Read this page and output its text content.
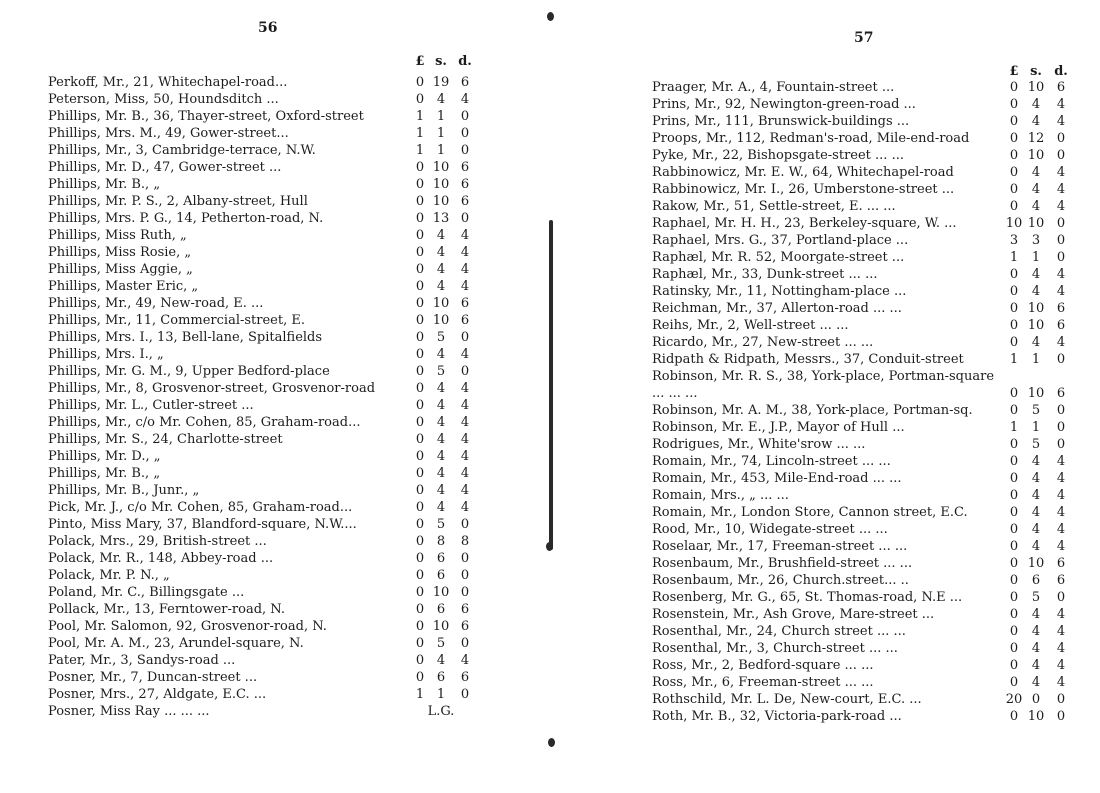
56
£ s. d.
Perkoff, Mr., 21, Whitechapel-road...	0 19 6
Peterson, Miss, 50, Houndsditch ...	0 4	4
Phillips, Mr. B., 36, Thayer-street, Oxford-street	1 1	0
Phillips, Mrs. M., 49, Gower-street...	1 1	0
Phillips, Mr., 3, Cambridge-terrace, N.W.	1 1	0
Phillips, Mr. D., 47, Gower-street ...	0 10 6
Phillips, Mr. B., „	0 10 6
Phillips, Mr. P. S., 2, Albany-street, Hull	0 10 6
Phillips, Mrs. P. G., 14, Petherton-road, N.	0 13 0
Phillips, Miss Ruth, „	0 4	4
Phillips, Miss Rosie, „	0 4	4
Phillips, Miss Aggie, „	0 4	4
Phillips, Master Eric, „	0 4	4
Phillips, Mr., 49, New-road, E. ...	0 10 6
Phillips, Mr., 11, Commercial-street, E.	0 10 6
Phillips, Mrs. I., 13, Bell-lane, Spitalfields	0 5	0
Phillips, Mrs. I., „	0 4	4
Phillips, Mr. G. M., 9, Upper Bedford-place	0 5	0
Phillips, Mr., 8, Grosvenor-street, Grosvenor-road	0 4	4
Phillips, Mr. L., Cutler-street ...	0 4	4
Phillips, Mr., c/o Mr. Cohen, 85, Graham-road...	0 4	4
Phillips, Mr. S., 24, Charlotte-street	0 4	4
Phillips, Mr. D., „	0 4	4
Phillips, Mr. B., „	0 4	4
Phillips, Mr. B., Junr., „	0 4	4
Pick, Mr. J., c/o Mr. Cohen, 85, Graham-road...	0 4	4
Pinto, Miss Mary, 37, Blandford-square, N.W....	0 5	0
Polack, Mrs., 29, British-street ...	0 8	8
Polack, Mr. R., 148, Abbey-road ...	0 6	0
Polack, Mr. P. N., „	0 6	0
Poland, Mr. C., Billingsgate ...	0 10 0
Pollack, Mr., 13, Ferntower-road, N.	0 6	6
Pool, Mr. Salomon, 92, Grosvenor-road, N.	0 10 6
Pool, Mr. A. M., 23, Arundel-square, N.	0 5	0
Pater, Mr., 3, Sandys-road ...	0 4	4
Posner, Mr., 7, Duncan-street ...	0 6	6
Posner, Mrs., 27, Aldgate, E.C. ...	1 1	0
Posner, Miss Ray ... ... ...	L.G.
57
£ s. d.
Praager, Mr. A., 4, Fountain-street ...	0 10 6
Prins, Mr., 92, Newington-green-road ...	0	4	4
Prins, Mr., 111, Brunswick-buildings ...	0	4	4
Proops, Mr., 112, Redman's-road, Mile-end-road	0 12 0
Pyke, Mr., 22, Bishopsgate-street ... ...	0 10 0
Rabbinowicz, Mr. E. W., 64, Whitechapel-road	0	4	4
Rabbinowicz, Mr. I., 26, Umberstone-street ...	0	4	4
Rakow, Mr., 51, Settle-street, E. ... ...	0	4	4
Raphael, Mr. H. H., 23, Berkeley-square, W. ...	10 10 0
Raphael, Mrs. G., 37, Portland-place ...	3	3	0
Raphæl, Mr. R. 52, Moorgate-street ...	1	1	0
Raphæl, Mr., 33, Dunk-street ... ...	0	4	4
Ratinsky, Mr., 11, Nottingham-place ...	0	4	4
Reichman, Mr., 37, Allerton-road ... ...	0 10 6
Reihs, Mr., 2, Well-street ... ...	0 10 6
Ricardo, Mr., 27, New-street ... ...	0	4	4
Ridpath & Ridpath, Messrs., 37, Conduit-street	1	1	0
Robinson, Mr. R. S., 38, York-place, Portman-square ... ... ...	0 10 6
Robinson, Mr. A. M., 38, York-place, Portman-sq.	0	5	0
Robinson, Mr. E., J.P., Mayor of Hull ...	1	1	0
Rodrigues, Mr., White'srow ... ...	0	5	0
Romain, Mr., 74, Lincoln-street ... ...	0	4	4
Romain, Mr., 453, Mile-End-road ... ...	0	4	4
Romain, Mrs., „ ... ...	0	4	4
Romain, Mr., London Store, Cannon street, E.C.	0	4	4
Rood, Mr., 10, Widegate-street ... ...	0	4	4
Roselaar, Mr., 17, Freeman-street ... ...	0	4	4
Rosenbaum, Mr., Brushfield-street ... ...	0 10 6
Rosenbaum, Mr., 26, Church.street... ..	0	6	6
Rosenberg, Mr. G., 65, St. Thomas-road, N.E ...	0	5	0
Rosenstein, Mr., Ash Grove, Mare-street ...	0	4	4
Rosenthal, Mr., 24, Church street ... ...	0	4	4
Rosenthal, Mr., 3, Church-street ... ...	0	4	4
Ross, Mr., 2, Bedford-square ... ...	0	4	4
Ross, Mr., 6, Freeman-street ... ...	0	4	4
Rothschild, Mr. L. De, New-court, E.C. ...	20 0	0
Roth, Mr. B., 32, Victoria-park-road ...	0 10 0
